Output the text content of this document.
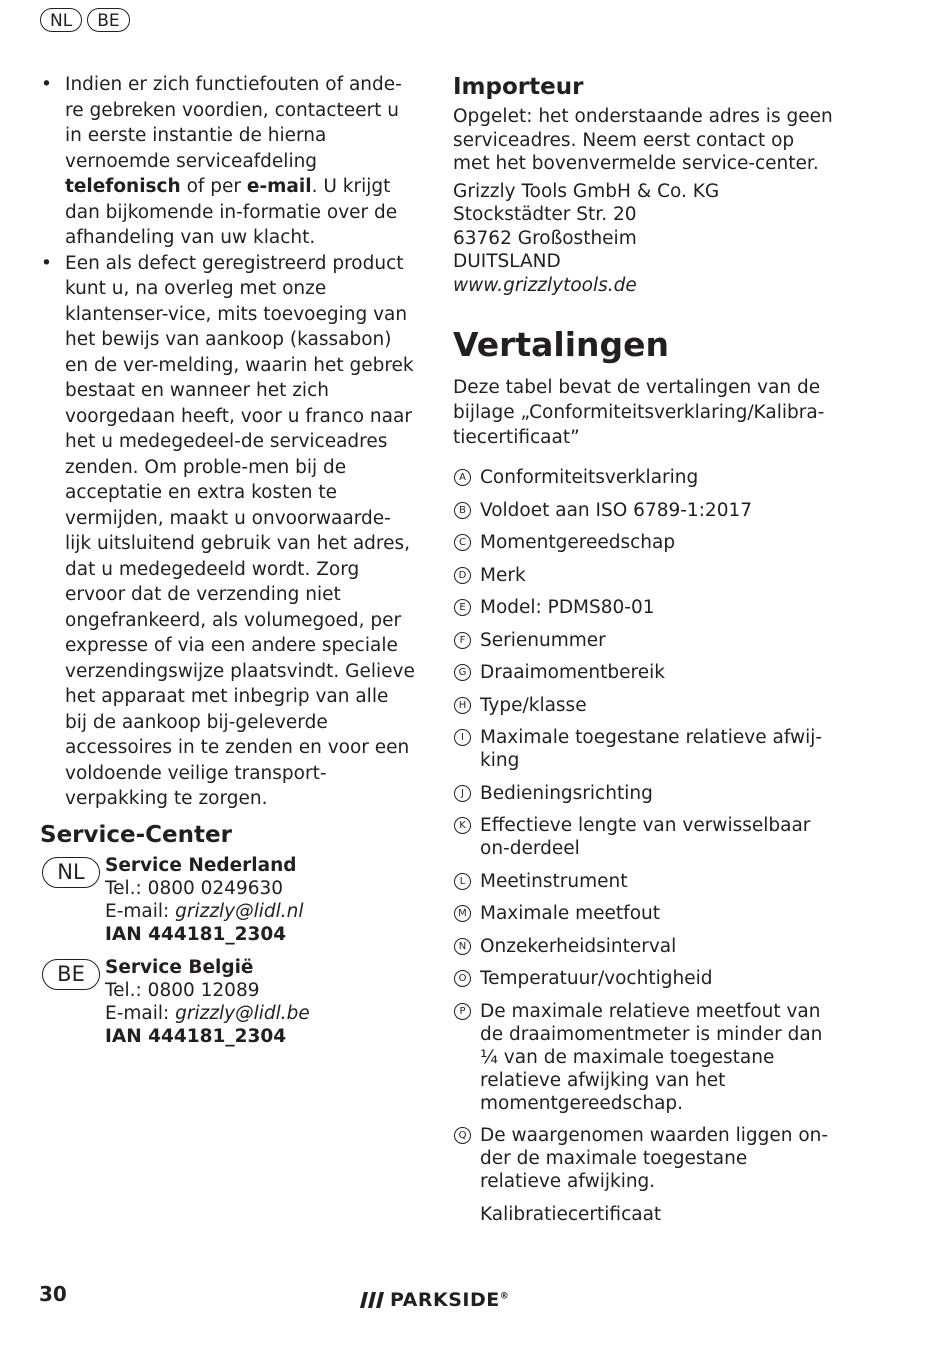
NL	BE
• Indien er zich functiefouten of ande-re gebreken voordien, contacteert u in eerste instantie de hierna vernoemde serviceafdeling telefonisch of per e-mail. U krijgt dan bijkomende in-formatie over de afhandeling van uw klacht.
• Een als defect geregistreerd product kunt u, na overleg met onze klantenser-vice, mits toevoeging van het bewijs van aankoop (kassabon) en de ver-melding, waarin het gebrek bestaat en wanneer het zich voorgedaan heeft, voor u franco naar het u medegedeel-de serviceadres zenden. Om proble-men bij de acceptatie en extra kosten te vermijden, maakt u onvoorwaarde-lijk uitsluitend gebruik van het adres, dat u medegedeeld wordt. Zorg ervoor dat de verzending niet ongefrankeerd, als volumegoed, per expresse of via een andere speciale verzendingswijze plaatsvindt. Gelieve het apparaat met inbegrip van alle bij de aankoop bij-geleverde accessoires in te zenden en voor een voldoende veilige transport-verpakking te zorgen.
Service-Center
NL	Service Nederland
Tel.: 0800 0249630
E-mail: grizzly@lidl.nl
IAN 444181_2304
BE	Service België
Tel.: 0800 12089
E-mail: grizzly@lidl.be
IAN 444181_2304
Importeur

Opgelet: het onderstaande adres is geen serviceadres. Neem eerst contact op met het bovenvermelde service-center.

Grizzly Tools GmbH & Co. KG
Stockstädter Str. 20
63762 Großostheim
DUITSLAND
www.grizzlytools.de
Vertalingen

Deze tabel bevat de vertalingen van de bijlage „Conformiteitsverklaring/Kalibra-tiecertificaat”

A Conformiteitsverklaring
B Voldoet aan ISO 6789-1:2017
C Momentgereedschap
D Merk
E Model: PDMS80-01
F Serienummer
G Draaimomentbereik
H Type/klasse
I Maximale toegestane relatieve afwij-king
J Bedieningsrichting
K Effectieve lengte van verwisselbaar on-derdeel
L Meetinstrument
M Maximale meetfout
N Onzekerheidsinterval
O Temperatuur/vochtigheid
P De maximale relatieve meetfout van de draaimomentmeter is minder dan ¼ van de maximale toegestane relatieve afwijking van het momentgereedschap.
Q De waargenomen waarden liggen on-der de maximale toegestane relatieve afwijking.
Kalibratiecertificaat
30	PARKSIDE®
